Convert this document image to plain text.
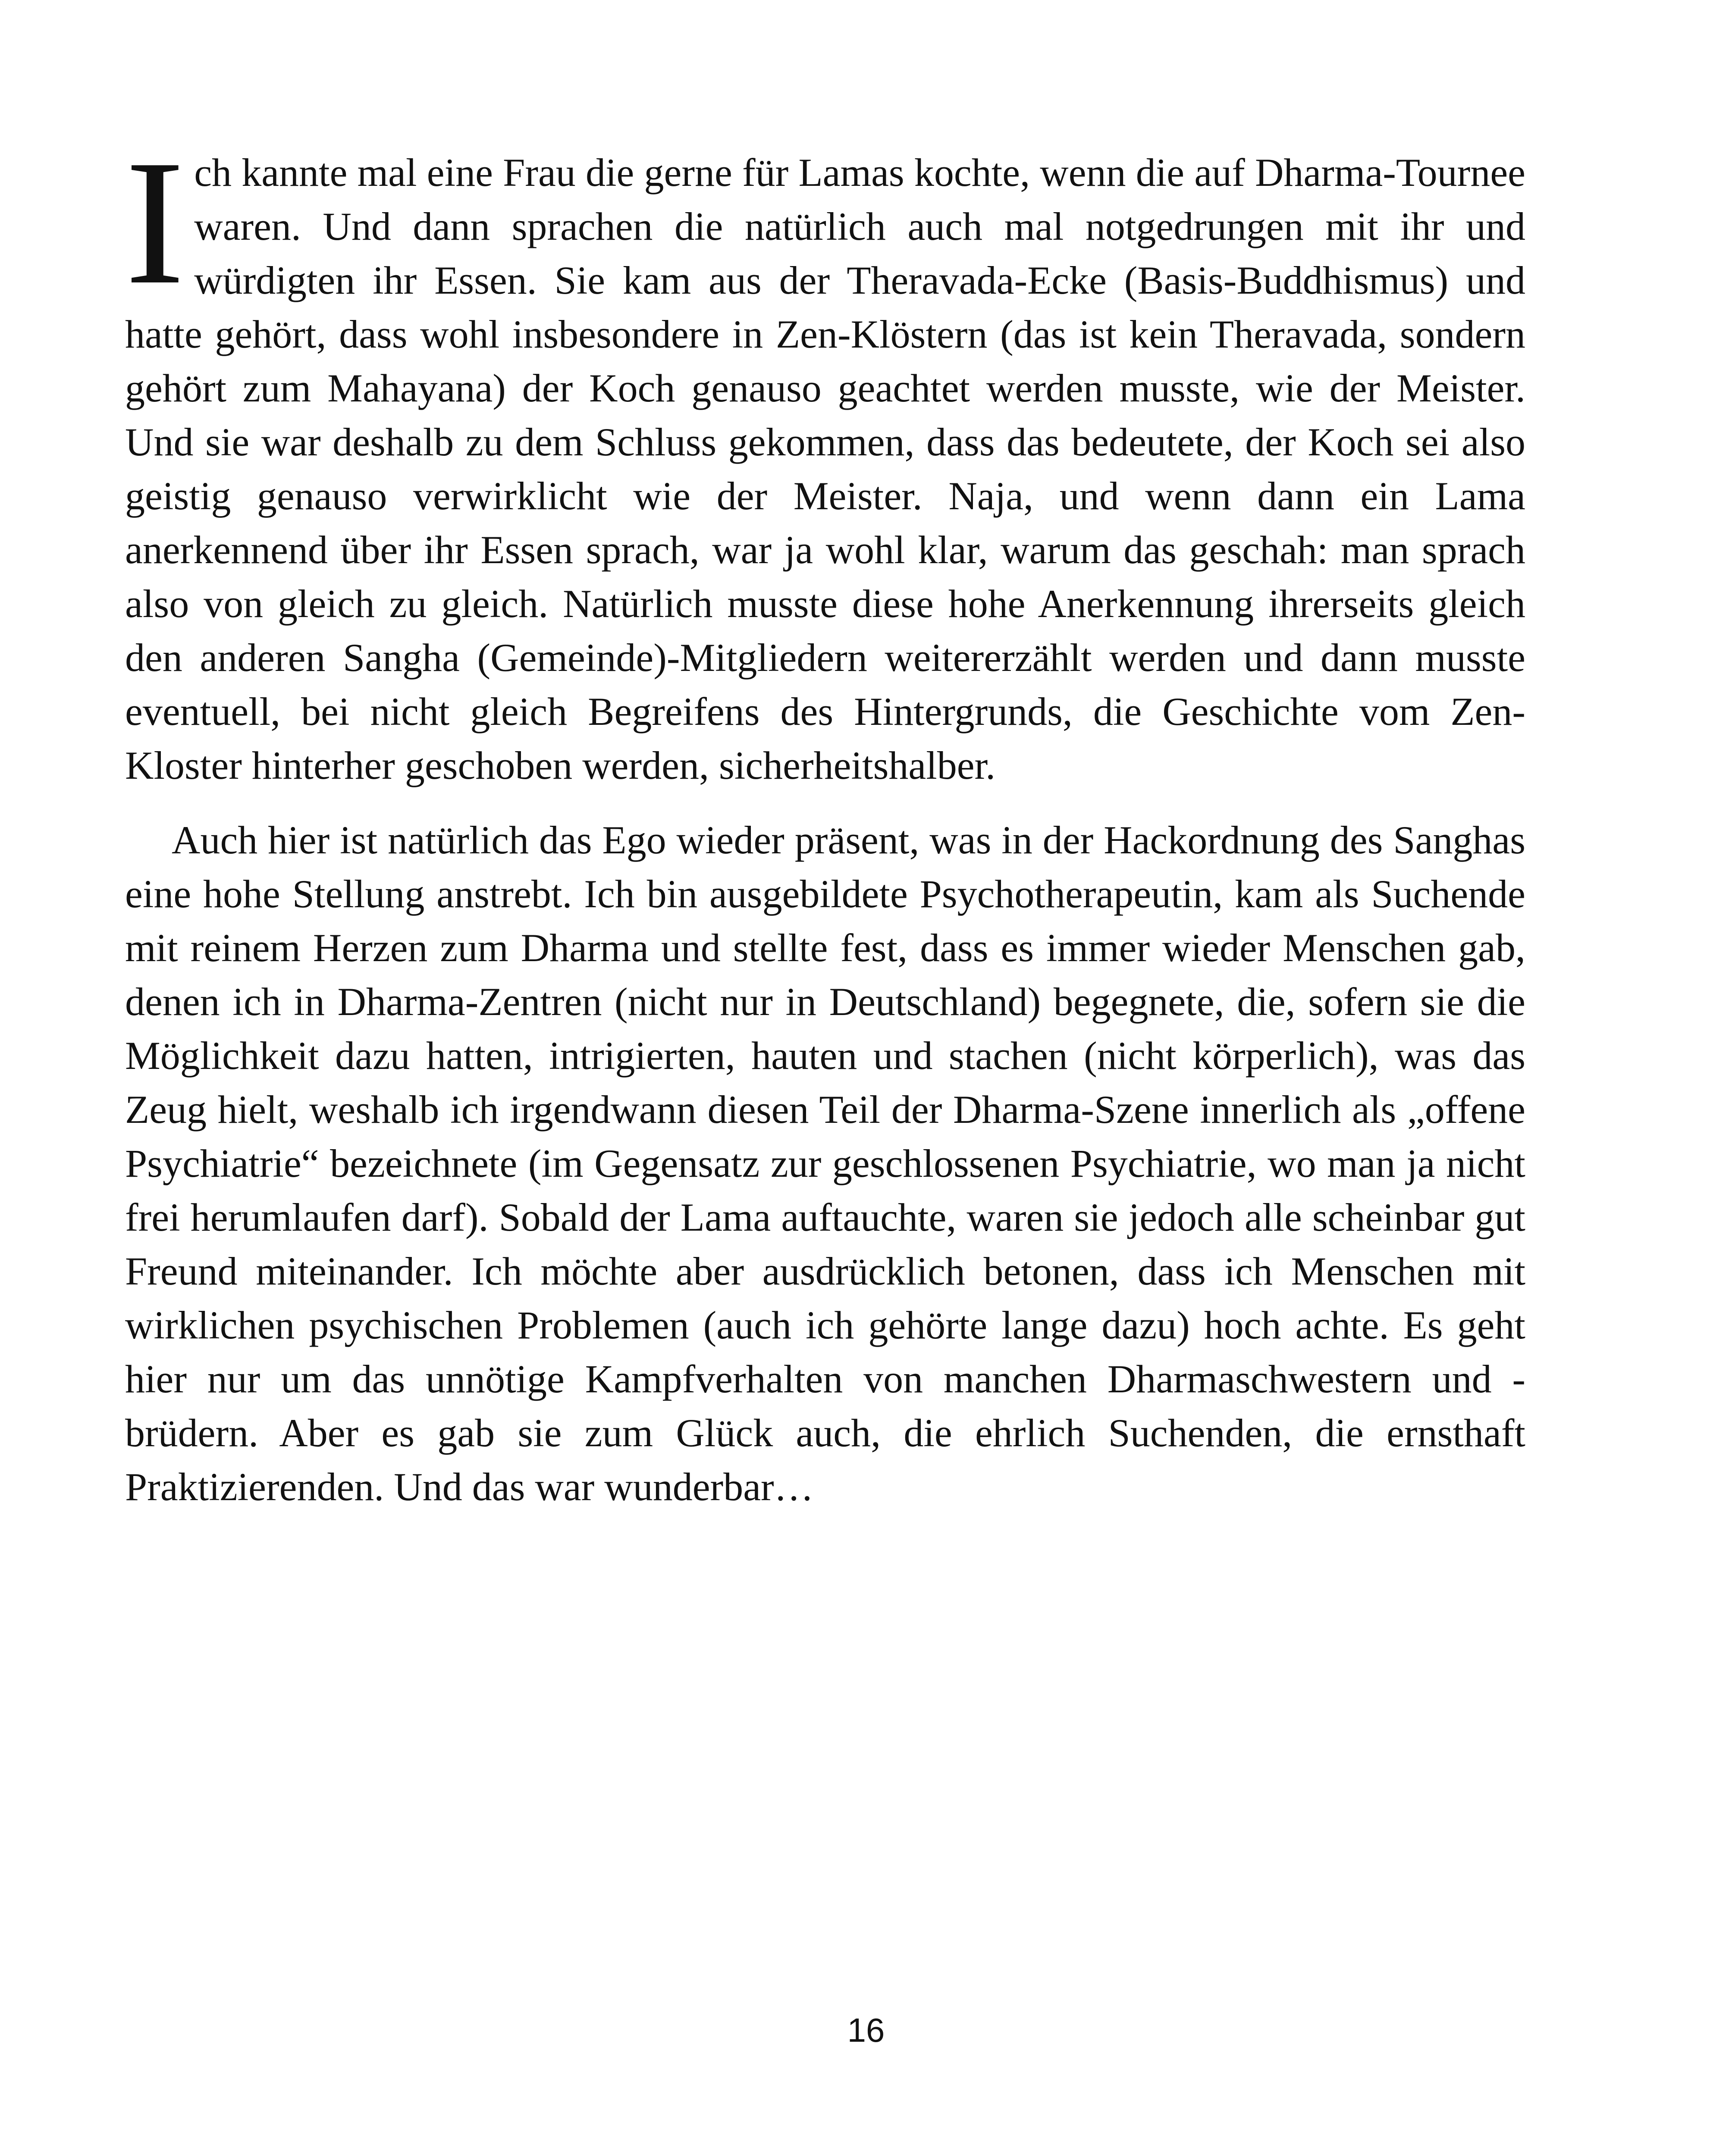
Ich kannte mal eine Frau die gerne für Lamas kochte, wenn die auf Dharma-Tournee waren. Und dann sprachen die natürlich auch mal notgedrungen mit ihr und würdigten ihr Essen. Sie kam aus der Theravada-Ecke (Basis-Buddhismus) und hatte gehört, dass wohl insbesondere in Zen-Klöstern (das ist kein Theravada, sondern gehört zum Mahayana) der Koch genauso geachtet werden musste, wie der Meister. Und sie war deshalb zu dem Schluss gekommen, dass das bedeutete, der Koch sei also geistig genauso verwirklicht wie der Meister. Naja, und wenn dann ein Lama anerkennend über ihr Essen sprach, war ja wohl klar, warum das geschah: man sprach also von gleich zu gleich. Natürlich musste diese hohe Anerkennung ihrerseits gleich den anderen Sangha (Gemeinde)-Mitgliedern weitererzählt werden und dann musste eventuell, bei nicht gleich Begreifens des Hintergrunds, die Geschichte vom Zen-Kloster hinterher geschoben werden, sicherheitshalber.

Auch hier ist natürlich das Ego wieder präsent, was in der Hackordnung des Sanghas eine hohe Stellung anstrebt. Ich bin ausgebildete Psychotherapeutin, kam als Suchende mit reinem Herzen zum Dharma und stellte fest, dass es immer wieder Menschen gab, denen ich in Dharma-Zentren (nicht nur in Deutschland) begegnete, die, sofern sie die Möglichkeit dazu hatten, intrigierten, hauten und stachen (nicht körperlich), was das Zeug hielt, weshalb ich irgendwann diesen Teil der Dharma-Szene innerlich als „offene Psychiatrie“ bezeichnete (im Gegensatz zur geschlossenen Psychiatrie, wo man ja nicht frei herumlaufen darf). Sobald der Lama auftauchte, waren sie jedoch alle scheinbar gut Freund miteinander. Ich möchte aber ausdrücklich betonen, dass ich Menschen mit wirklichen psychischen Problemen (auch ich gehörte lange dazu) hoch achte. Es geht hier nur um das unnötige Kampfverhalten von manchen Dharmaschwestern und -brüdern. Aber es gab sie zum Glück auch, die ehrlich Suchenden, die ernsthaft Praktizierenden. Und das war wunderbar…

16
